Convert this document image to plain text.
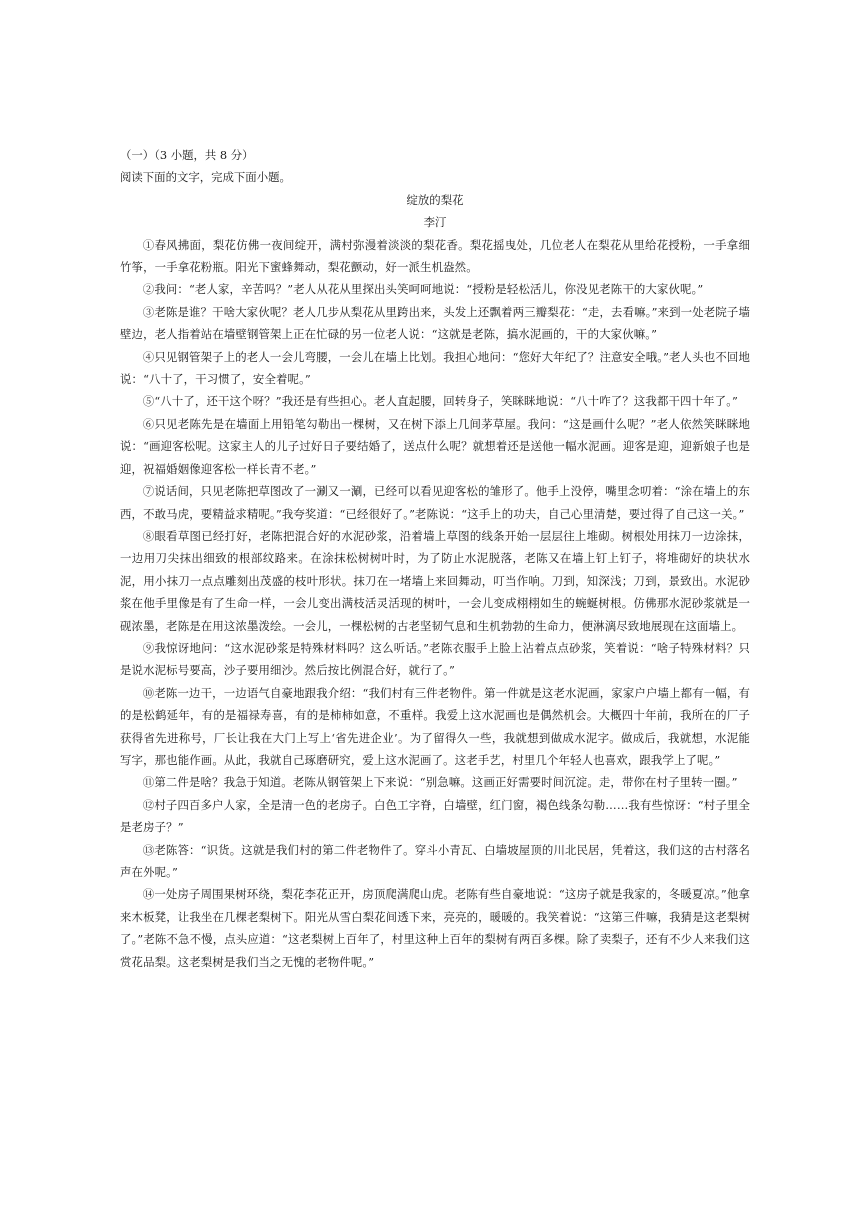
（一）（3 小题，共 8 分）

阅读下面的文字，完成下面小题。

绽放的梨花

李汀

①春风拂面，梨花仿佛一夜间绽开，满村弥漫着淡淡的梨花香。梨花摇曳处，几位老人在梨花从里给花授粉，一手拿细竹筝，一手拿花粉瓶。阳光下蜜蜂舞动，梨花颤动，好一派生机盎然。

②我问：“老人家，辛苦吗？”老人从花从里探出头笑呵呵地说：“授粉是轻松活儿，你没见老陈干的大家伙呢。”

③老陈是谁？干啥大家伙呢？老人几步从梨花从里跨出来，头发上还飘着两三瓣梨花：“走，去看嘛。”来到一处老院子墙壁边，老人指着站在墙壁钢管架上正在忙碌的另一位老人说：“这就是老陈，搞水泥画的，干的大家伙嘛。”

④只见钢管架子上的老人一会儿弯腰，一会儿在墙上比划。我担心地问：“您好大年纪了？注意安全哦。”老人头也不回地说：“八十了，干习惯了，安全着呢。”

⑤“八十了，还干这个呀？”我还是有些担心。老人直起腰，回转身子，笑眯眯地说：“八十咋了？这我都干四十年了。”

⑥只见老陈先是在墙面上用铅笔勾勒出一棵树，又在树下添上几间茅草屋。我问：“这是画什么呢？”老人依然笑眯眯地说：“画迎客松呢。这家主人的儿子过好日子要结婚了，送点什么呢？就想着还是送他一幅水泥画。迎客是迎，迎新娘子也是迎，祝福婚姻像迎客松一样长青不老。”

⑦说话间，只见老陈把草图改了一涮又一涮，已经可以看见迎客松的雏形了。他手上没停，嘴里念叨着：“涂在墙上的东西，不敢马虎，要精益求精呢。”我夸奖道：“已经很好了。”老陈说：“这手上的功夫，自己心里清楚，要过得了自己这一关。”

⑧眼看草图已经打好，老陈把混合好的水泥砂浆，沿着墙上草图的线条开始一层层往上堆砌。树根处用抹刀一边涂抹，一边用刀尖抹出细致的根部纹路来。在涂抹松树树叶时，为了防止水泥脱落，老陈又在墙上钉上钉子，将堆砌好的块状水泥，用小抹刀一点点雕刻出茂盛的枝叶形状。抹刀在一堵墙上来回舞动，叮当作响。刀到，知深浅；刀到，景致出。水泥砂浆在他手里像是有了生命一样，一会儿变出满枝活灵活现的树叶，一会儿变成栩栩如生的蜿蜒树根。仿佛那水泥砂浆就是一砚浓墨，老陈是在用这浓墨泼绘。一会儿，一棵松树的古老坚韧气息和生机勃勃的生命力，便淋漓尽致地展现在这面墙上。

⑨我惊讶地问：“这水泥砂浆是特殊材料吗？这么听话。”老陈衣服手上脸上沾着点点砂浆，笑着说：“啥子特殊材料？只是说水泥标号要高，沙子要用细沙。然后按比例混合好，就行了。”

⑩老陈一边干，一边语气自豪地跟我介绍：“我们村有三件老物件。第一件就是这老水泥画，家家户户墙上都有一幅，有的是松鹤延年，有的是福禄寿喜，有的是柿柿如意，不重样。我爱上这水泥画也是偶然机会。大概四十年前，我所在的厂子获得省先进称号，厂长让我在大门上写上‘省先进企业’。为了留得久一些，我就想到做成水泥字。做成后，我就想，水泥能写字，那也能作画。从此，我就自己琢磨研究，爱上这水泥画了。这老手艺，村里几个年轻人也喜欢，跟我学上了呢。”

⑪第二件是啥？我急于知道。老陈从钢管架上下来说：“别急嘛。这画正好需要时间沉淀。走，带你在村子里转一圈。”

⑫村子四百多户人家，全是清一色的老房子。白色工字脊，白墙壁，红门窗，褐色线条勾勒……我有些惊讶：“村子里全是老房子？”

⑬老陈答：“识货。这就是我们村的第二件老物件了。穿斗小青瓦、白墙坡屋顶的川北民居，凭着这，我们这的古村落名声在外呢。”

⑭一处房子周围果树环绕，梨花李花正开，房顶爬满爬山虎。老陈有些自豪地说：“这房子就是我家的，冬暖夏凉。”他拿来木板凳，让我坐在几棵老梨树下。阳光从雪白梨花间透下来，亮亮的，暖暖的。我笑着说：“这第三件嘛，我猜是这老梨树了。”老陈不急不慢，点头应道：“这老梨树上百年了，村里这种上百年的梨树有两百多棵。除了卖梨子，还有不少人来我们这赏花品梨。这老梨树是我们当之无愧的老物件呢。”
